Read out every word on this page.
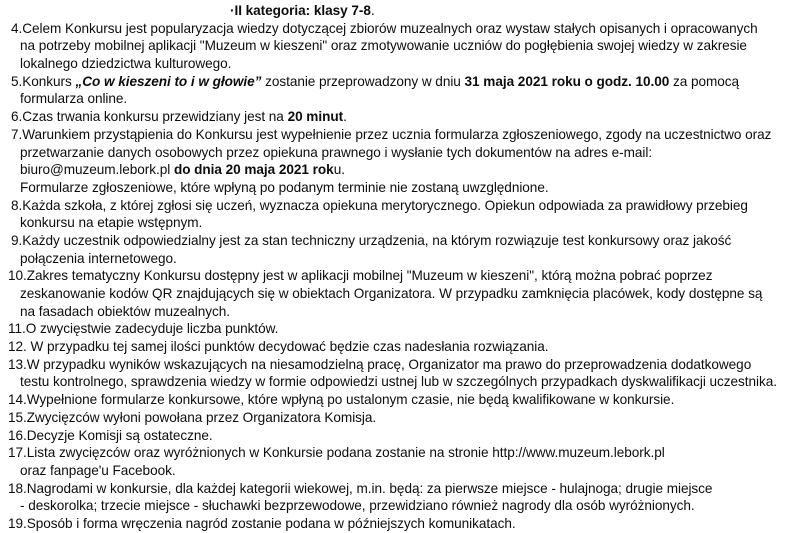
·II kategoria: klasy 7-8.
4.Celem Konkursu jest popularyzacja wiedzy dotyczącej zbiorów muzealnych oraz wystaw stałych opisanych i opracowanych
na potrzeby mobilnej aplikacji "Muzeum w kieszeni" oraz zmotywowanie uczniów do pogłębienia swojej wiedzy w zakresie
lokalnego dziedzictwa kulturowego.
5.Konkurs „Co w kieszeni to i w głowie” zostanie przeprowadzony w dniu 31 maja 2021 roku o godz. 10.00 za pomocą
formularza online.
6.Czas trwania konkursu przewidziany jest na 20 minut.
7.Warunkiem przystąpienia do Konkursu jest wypełnienie przez ucznia formularza zgłoszeniowego, zgody na uczestnictwo oraz
przetwarzanie danych osobowych przez opiekuna prawnego i wysłanie tych dokumentów na adres e-mail:
biuro@muzeum.lebork.pl do dnia 20 maja 2021 roku.
Formularze zgłoszeniowe, które wpłyną po podanym terminie nie zostaną uwzględnione.
8.Każda szkoła, z której zgłosi się uczeń, wyznacza opiekuna merytorycznego. Opiekun odpowiada za prawidłowy przebieg
konkursu na etapie wstępnym.
9.Każdy uczestnik odpowiedzialny jest za stan techniczny urządzenia, na którym rozwiązuje test konkursowy oraz jakość
połączenia internetowego.
10.Zakres tematyczny Konkursu dostępny jest w aplikacji mobilnej "Muzeum w kieszeni", którą można pobrać poprzez
zeskanowanie kodów QR znajdujących się w obiektach Organizatora. W przypadku zamknięcia placówek, kody dostępne są
na fasadach obiektów muzealnych.
11.O zwycięstwie zadecyduje liczba punktów.
12. W przypadku tej samej ilości punktów decydować będzie czas nadesłania rozwiązania.
13.W przypadku wyników wskazujących na niesamodzielną pracę, Organizator ma prawo do przeprowadzenia dodatkowego
testu kontrolnego, sprawdzenia wiedzy w formie odpowiedzi ustnej lub w szczególnych przypadkach dyskwalifikacji uczestnika.
14.Wypełnione formularze konkursowe, które wpłyną po ustalonym czasie, nie będą kwalifikowane w konkursie.
15.Zwycięzców wyłoni powołana przez Organizatora Komisja.
16.Decyzje Komisji są ostateczne.
17.Lista zwycięzców oraz wyróżnionych w Konkursie podana zostanie na stronie http://www.muzeum.lebork.pl
oraz fanpage'u Facebook.
18.Nagrodami w konkursie, dla każdej kategorii wiekowej, m.in. będą: za pierwsze miejsce - hulajnoga; drugie miejsce
- deskorolka; trzecie miejsce - słuchawki bezprzewodowe, przewidziano również nagrody dla osób wyróżnionych.
19.Sposób i forma wręczenia nagród zostanie podana w późniejszych komunikatach.
